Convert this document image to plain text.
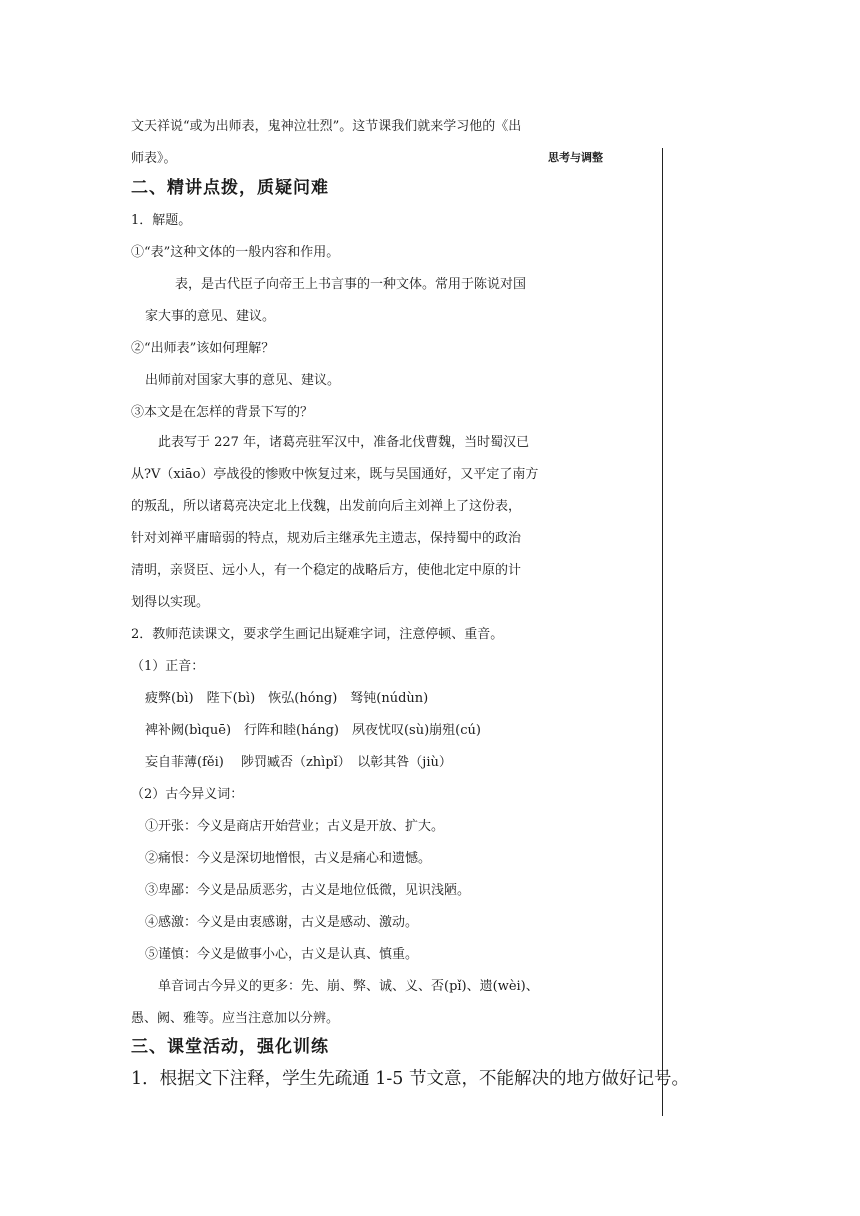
思考与调整
文天祥说“或为出师表，鬼神泣壮烈”。这节课我们就来学习他的《出
师表》。
二、精讲点拨，质疑问难
1．解题。
①“表”这种文体的一般内容和作用。
表，是古代臣子向帝王上书言事的一种文体。常用于陈说对国
家大事的意见、建议。
②“出师表”该如何理解？
出师前对国家大事的意见、建议。
③本文是在怎样的背景下写的？
此表写于 227 年，诸葛亮驻军汉中，准备北伐曹魏，当时蜀汉已
从?V（xiāo）亭战役的惨败中恢复过来，既与吴国通好，又平定了南方
的叛乱，所以诸葛亮决定北上伐魏，出发前向后主刘禅上了这份表，
针对刘禅平庸暗弱的特点，规劝后主继承先主遗志，保持蜀中的政治
清明，亲贤臣、远小人，有一个稳定的战略后方，使他北定中原的计
划得以实现。
2．教师范读课文，要求学生画记出疑难字词，注意停顿、重音。
（1）正音：
疲弊(bì)　陛下(bì)　恢弘(hóng)　驽钝(núdùn)
裨补阙(bìquē)　行阵和睦(háng)　夙夜忧叹(sù)崩殂(cú)
妄自菲薄(fěi)　 陟罚臧否（zhìpǐ）　以彰其咎（jiù）
（2）古今异义词：
①开张：今义是商店开始营业；古义是开放、扩大。
②痛恨：今义是深切地憎恨，古义是痛心和遗憾。
③卑鄙：今义是品质恶劣，古义是地位低微，见识浅陋。
④感激：今义是由衷感谢，古义是感动、激动。
⑤谨慎：今义是做事小心，古义是认真、慎重。
单音词古今异义的更多：先、崩、弊、诚、义、否(pǐ)、遗(wèi)、
愚、阙、雅等。应当注意加以分辨。
三、课堂活动，强化训练
1．根据文下注释，学生先疏通 1-5 节文意，不能解决的地方做好记号。
